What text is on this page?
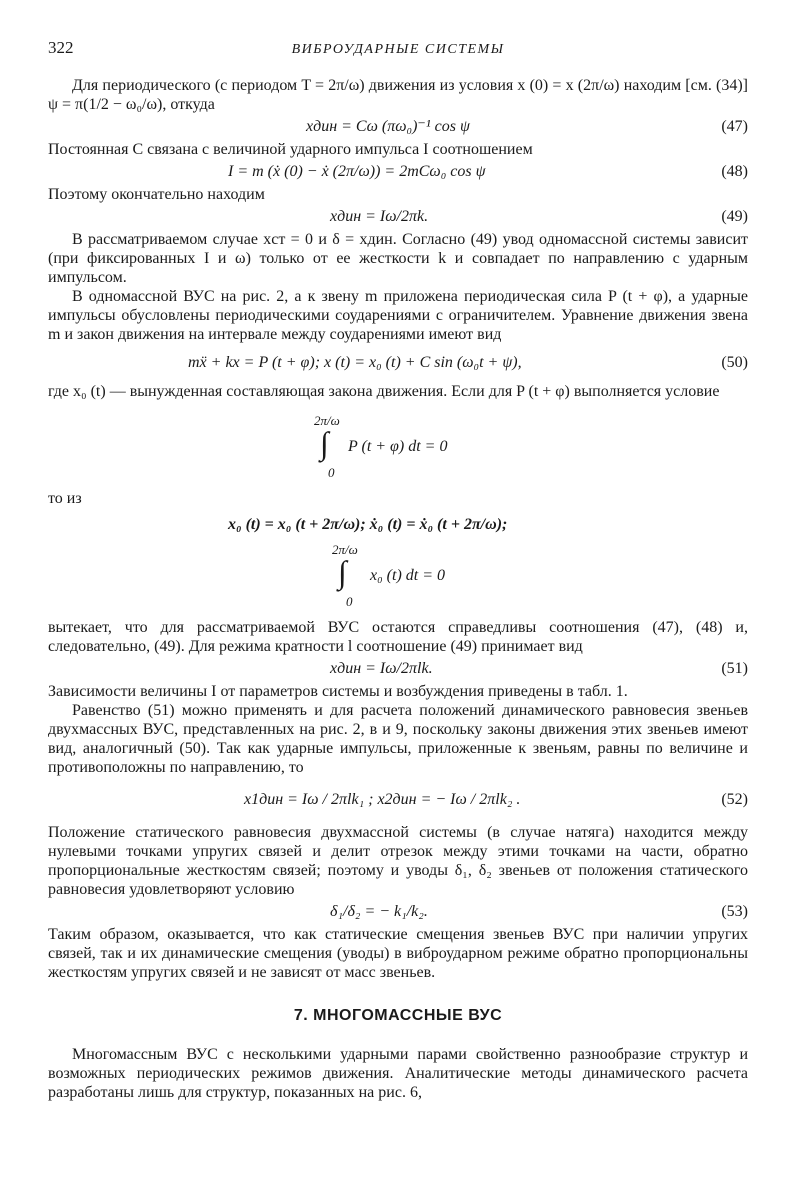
322	ВИБРОУДАРНЫЕ СИСТЕМЫ

Для периодического (с периодом T = 2π/ω) движения из условия x (0) = x (2π/ω) находим [см. (34)] ψ = π(1/2 − ω₀/ω), откуда

xдин = Cω (πω₀)⁻¹ cos ψ	(47)

Постоянная C связана с величиной ударного импульса I соотношением

I = m (ẋ (0) − ẋ (2π/ω)) = 2mCω₀ cos ψ	(48)

Поэтому окончательно находим

xдин = Iω/2πk.	(49)

В рассматриваемом случае xст = 0 и δ = xдин. Согласно (49) увод одномассной системы зависит (при фиксированных I и ω) только от ее жесткости k и совпадает по направлению с ударным импульсом.

В одномассной ВУС на рис. 2, а к звену m приложена периодическая сила P (t + φ), а ударные импульсы обусловлены периодическими соударениями с ограничителем. Уравнение движения звена m и закон движения на интервале между соударениями имеют вид

mẍ + kx = P (t + φ); x (t) = x₀ (t) + C sin (ω₀t + ψ),	(50)

где x₀ (t) — вынужденная составляющая закона движения. Если для P (t + φ) выполняется условие

2π/ω
∫
0
P (t + φ) dt = 0

то из

x₀ (t) = x₀ (t + 2π/ω); ẋ₀ (t) = ẋ₀ (t + 2π/ω);
2π/ω
∫
0
x₀ (t) dt = 0

вытекает, что для рассматриваемой ВУС остаются справедливы соотношения (47), (48) и, следовательно, (49). Для режима кратности l соотношение (49) принимает вид

xдин = Iω/2πlk.	(51)

Зависимости величины I от параметров системы и возбуждения приведены в табл. 1.

Равенство (51) можно применять и для расчета положений динамического равновесия звеньев двухмассных ВУС, представленных на рис. 2, в и 9, поскольку законы движения этих звеньев имеют вид, аналогичный (50). Так как ударные импульсы, приложенные к звеньям, равны по величине и противоположны по направлению, то

x1дин = Iω / 2πlk₁ ; x2дин = − Iω / 2πlk₂ .	(52)

Положение статического равновесия двухмассной системы (в случае натяга) находится между нулевыми точками упругих связей и делит отрезок между этими точками на части, обратно пропорциональные жесткостям связей; поэтому и уводы δ₁, δ₂ звеньев от положения статического равновесия удовлетворяют условию

δ₁/δ₂ = − k₁/k₂.	(53)

Таким образом, оказывается, что как статические смещения звеньев ВУС при наличии упругих связей, так и их динамические смещения (уводы) в виброударном режиме обратно пропорциональны жесткостям упругих связей и не зависят от масс звеньев.

7. МНОГОМАССНЫЕ ВУС

Многомассным ВУС с несколькими ударными парами свойственно разнообразие структур и возможных периодических режимов движения. Аналитические методы динамического расчета разработаны лишь для структур, показанных на рис. 6,
